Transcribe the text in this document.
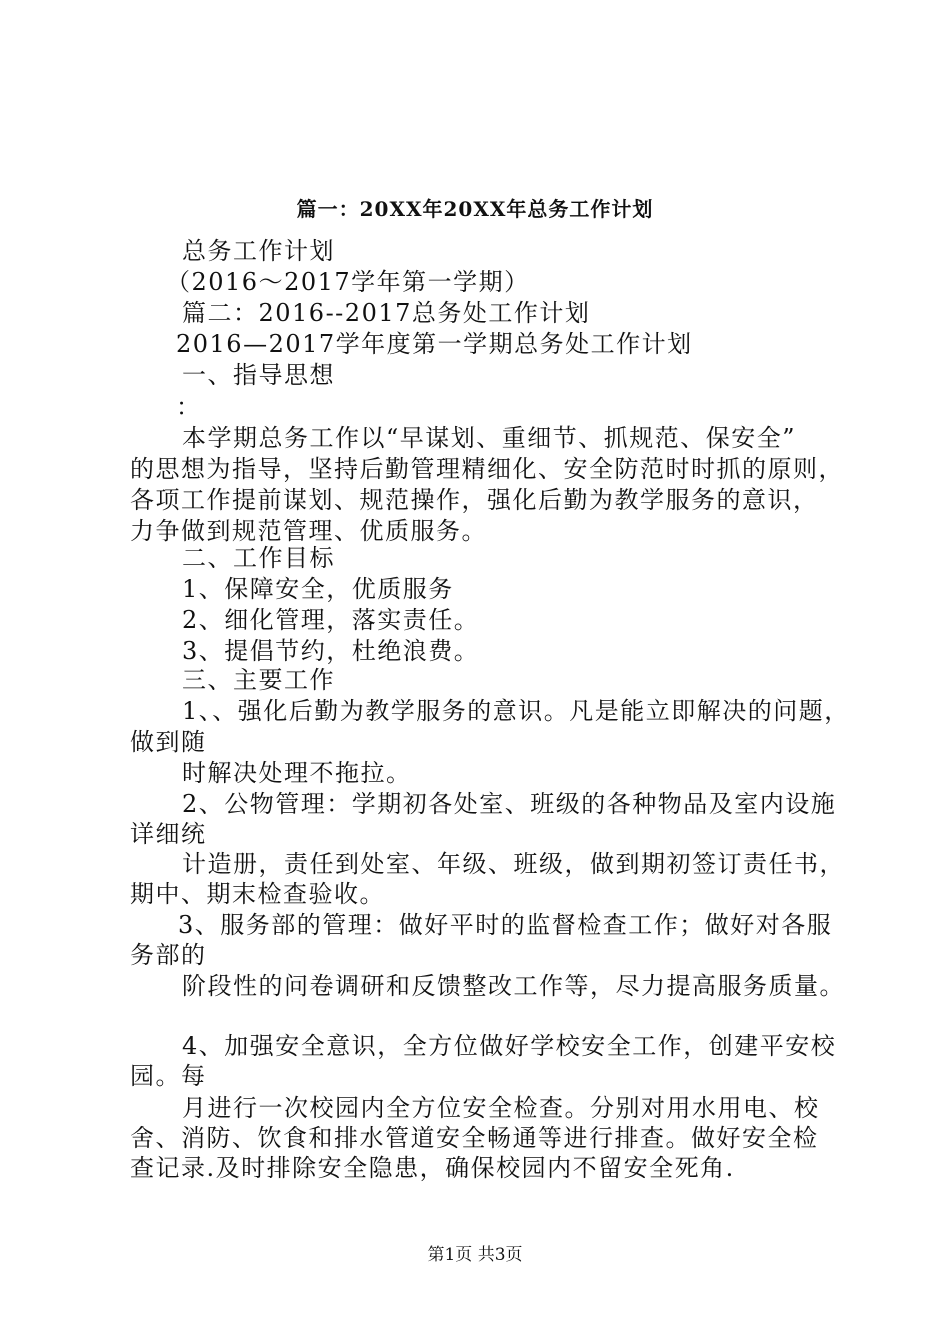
篇一：20XX年20XX年总务工作计划
总务工作计划
（2016～2017学年第一学期）
篇二：2016--2017总务处工作计划
2016—2017学年度第一学期总务处工作计划
一、指导思想
：
本学期总务工作以“早谋划、重细节、抓规范、保安全”
的思想为指导，坚持后勤管理精细化、安全防范时时抓的原则，
各项工作提前谋划、规范操作，强化后勤为教学服务的意识，
力争做到规范管理、优质服务。
二、工作目标
1、保障安全，优质服务
2、细化管理，落实责任。
3、提倡节约，杜绝浪费。
三、主要工作
1、、强化后勤为教学服务的意识。凡是能立即解决的问题，
做到随
时解决处理不拖拉。
2、公物管理：学期初各处室、班级的各种物品及室内设施
详细统
计造册，责任到处室、年级、班级，做到期初签订责任书，
期中、期末检查验收。
3、服务部的管理：做好平时的监督检查工作；做好对各服
务部的
阶段性的问卷调研和反馈整改工作等，尽力提高服务质量。
4、加强安全意识，全方位做好学校安全工作，创建平安校
园。每
月进行一次校园内全方位安全检查。分别对用水用电、校
舍、消防、饮食和排水管道安全畅通等进行排查。做好安全检
查记录.及时排除安全隐患，确保校园内不留安全死角.
第1页 共3页
